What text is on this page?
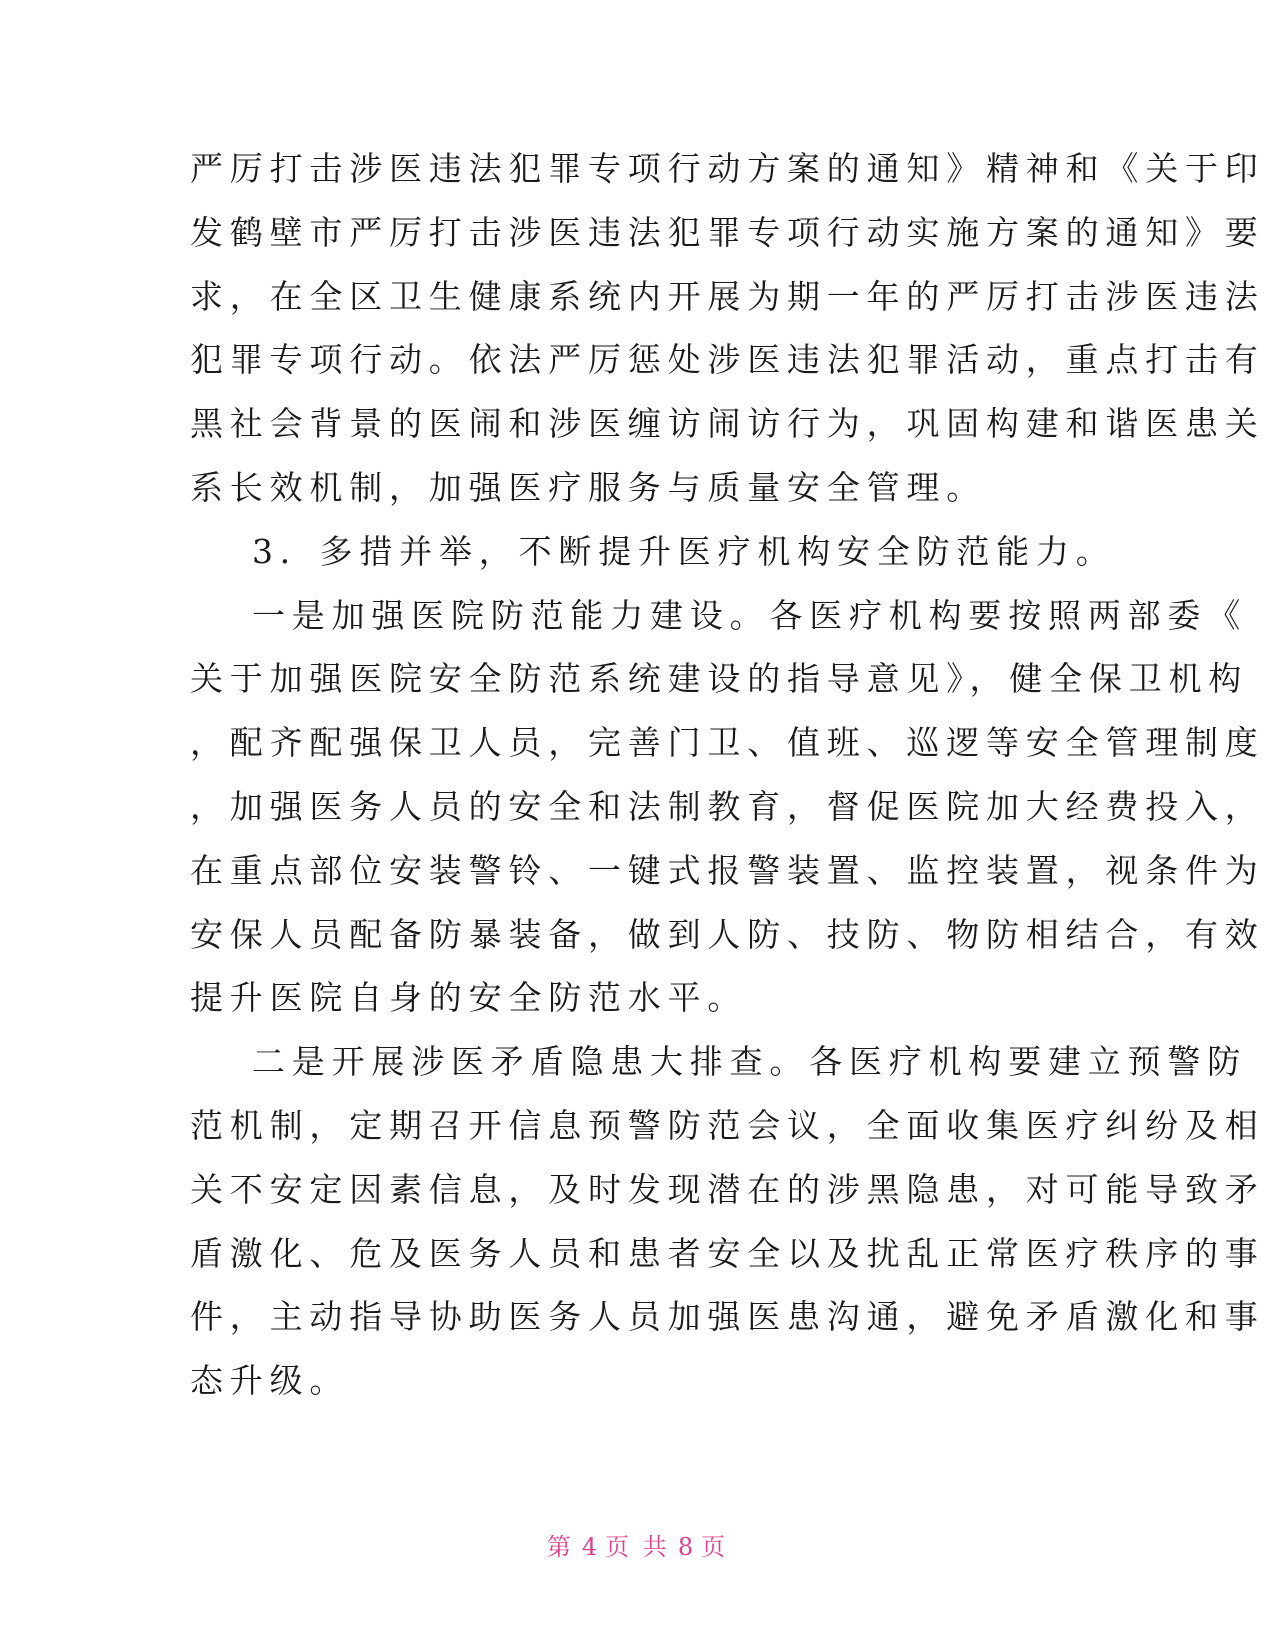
严厉打击涉医违法犯罪专项行动方案的通知》精神和《关于印
发鹤壁市严厉打击涉医违法犯罪专项行动实施方案的通知》要
求，在全区卫生健康系统内开展为期一年的严厉打击涉医违法
犯罪专项行动。依法严厉惩处涉医违法犯罪活动，重点打击有
黑社会背景的医闹和涉医缠访闹访行为，巩固构建和谐医患关
系长效机制，加强医疗服务与质量安全管理。
3．多措并举，不断提升医疗机构安全防范能力。
一是加强医院防范能力建设。各医疗机构要按照两部委《
关于加强医院安全防范系统建设的指导意见》，健全保卫机构
，配齐配强保卫人员，完善门卫、值班、巡逻等安全管理制度
，加强医务人员的安全和法制教育，督促医院加大经费投入，
在重点部位安装警铃、一键式报警装置、监控装置，视条件为
安保人员配备防暴装备，做到人防、技防、物防相结合，有效
提升医院自身的安全防范水平。
二是开展涉医矛盾隐患大排查。各医疗机构要建立预警防
范机制，定期召开信息预警防范会议，全面收集医疗纠纷及相
关不安定因素信息，及时发现潜在的涉黑隐患，对可能导致矛
盾激化、危及医务人员和患者安全以及扰乱正常医疗秩序的事
件，主动指导协助医务人员加强医患沟通，避免矛盾激化和事
态升级。
第 4 页 共 8 页
